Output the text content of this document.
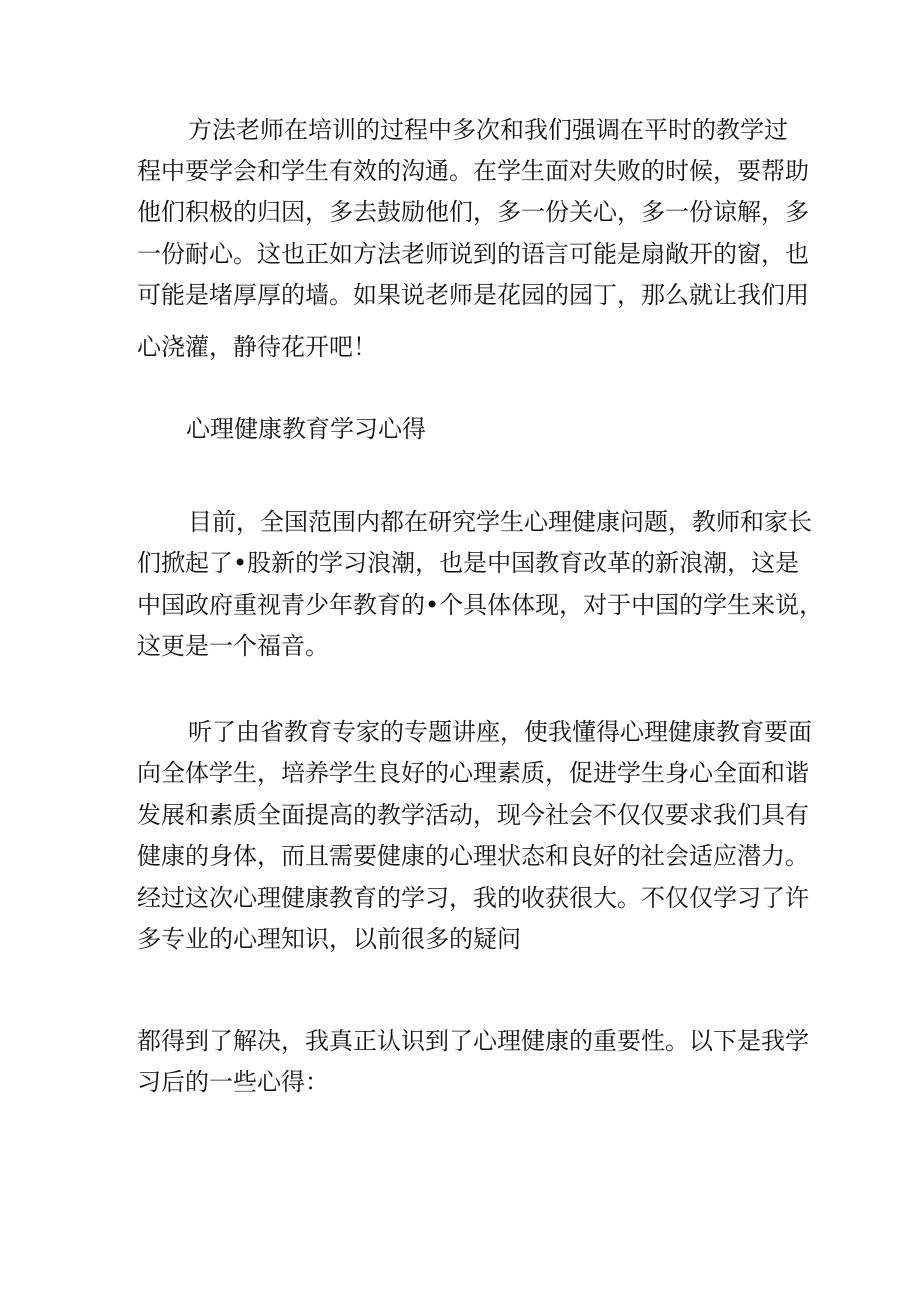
方法老师在培训的过程中多次和我们强调在平时的教学过
程中要学会和学生有效的沟通。在学生面对失败的时候，要帮助
他们积极的归因，多去鼓励他们，多一份关心，多一份谅解，多
一份耐心。这也正如方法老师说到的语言可能是扇敞开的窗，也
可能是堵厚厚的墙。如果说老师是花园的园丁，那么就让我们用
心浇灌，静待花开吧！
心理健康教育学习心得
目前，全国范围内都在研究学生心理健康问题，教师和家长
们掀起了•股新的学习浪潮，也是中国教育改革的新浪潮，这是
中国政府重视青少年教育的•个具体体现，对于中国的学生来说，
这更是一个福音。
听了由省教育专家的专题讲座，使我懂得心理健康教育要面
向全体学生，培养学生良好的心理素质，促进学生身心全面和谐
发展和素质全面提高的教学活动，现今社会不仅仅要求我们具有
健康的身体，而且需要健康的心理状态和良好的社会适应潜力。
经过这次心理健康教育的学习，我的收获很大。不仅仅学习了许
多专业的心理知识，以前很多的疑问
都得到了解决，我真正认识到了心理健康的重要性。以下是我学
习后的一些心得：
